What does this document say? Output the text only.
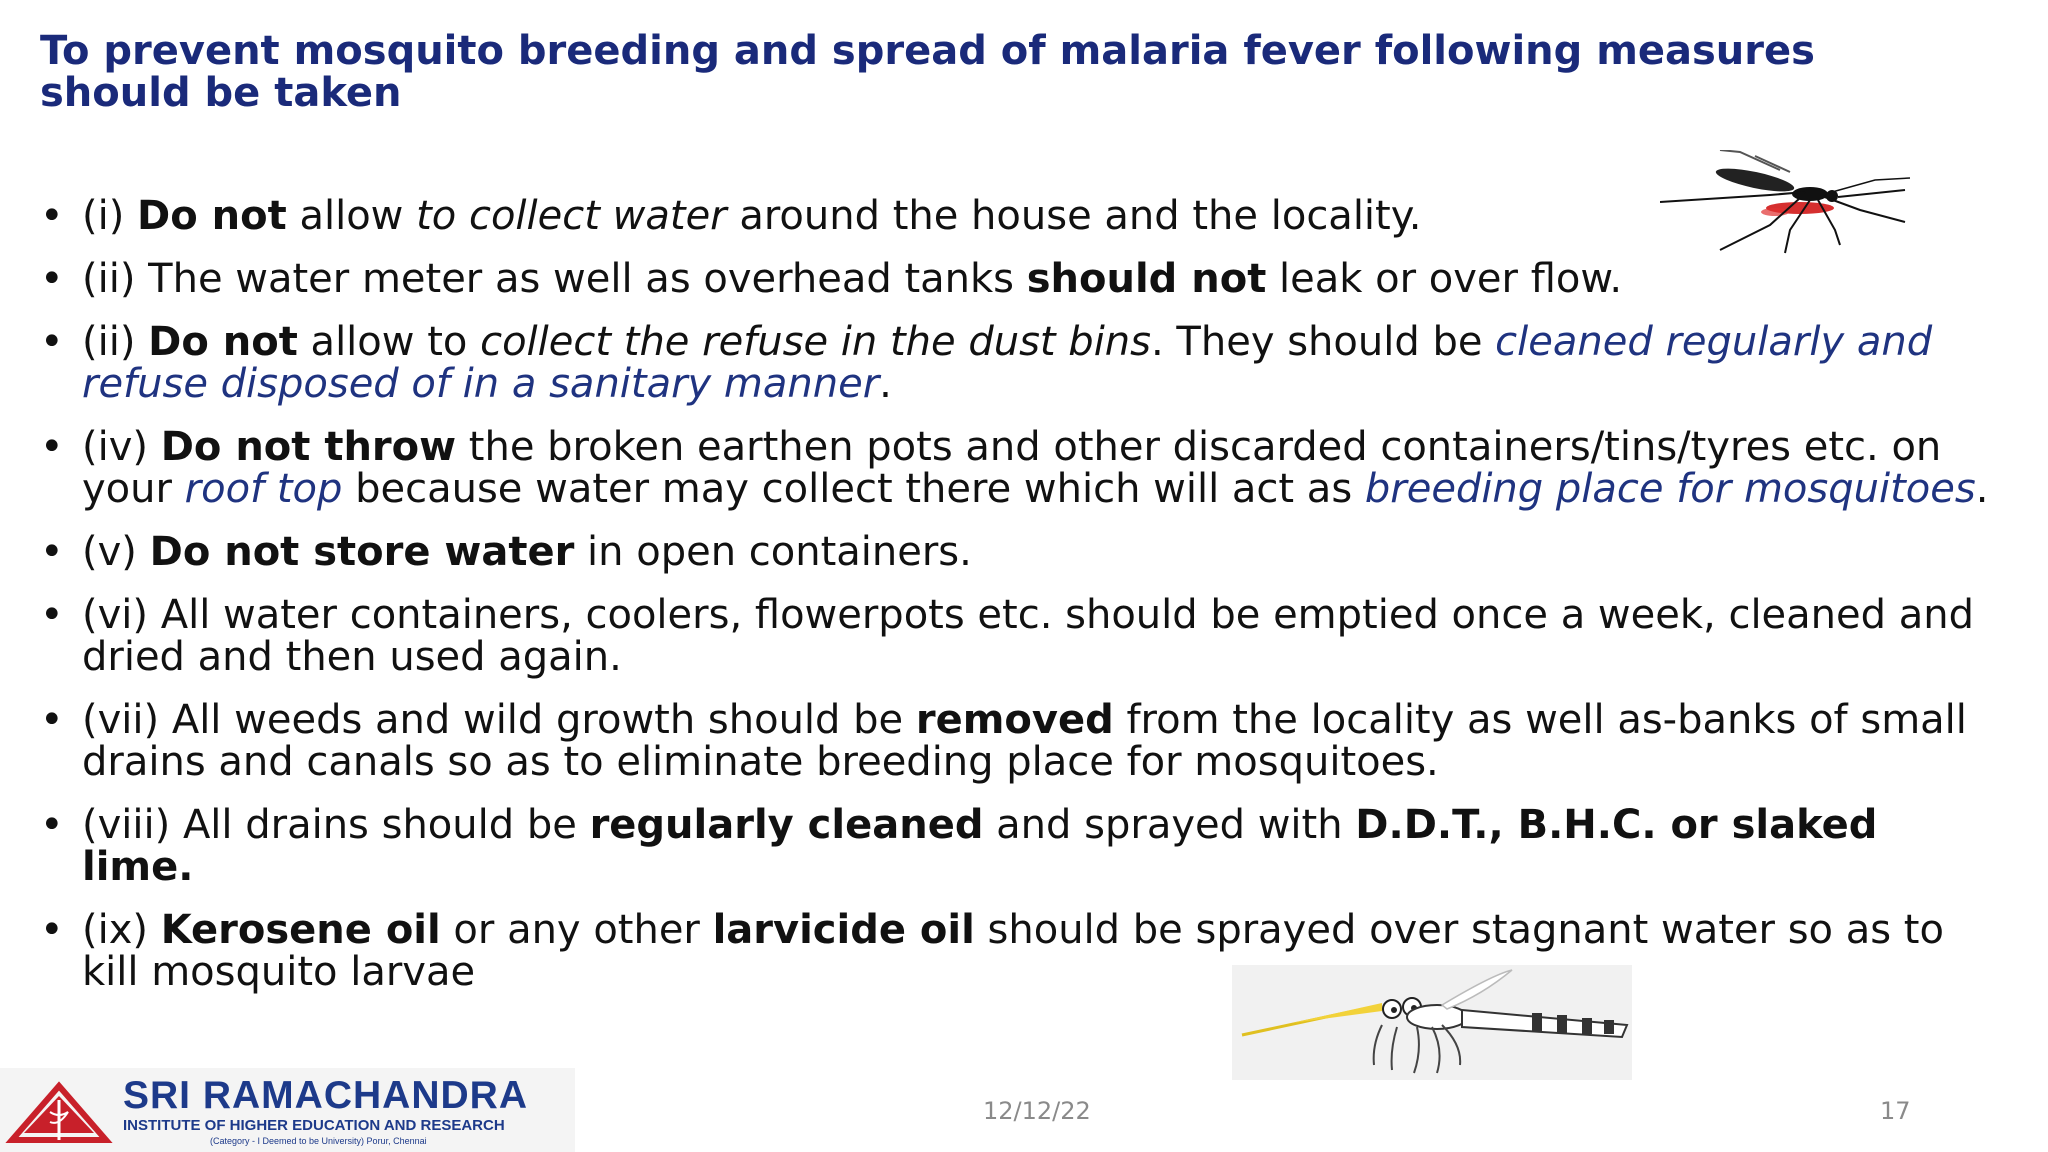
To prevent mosquito breeding and spread of malaria fever following measures should be taken
• (i) Do not allow to collect water around the house and the locality.
• (ii) The water meter as well as overhead tanks should not leak or over flow.
• (ii) Do not allow to collect the refuse in the dust bins. They should be cleaned regularly and refuse disposed of in a sanitary manner.
• (iv) Do not throw the broken earthen pots and other discarded containers/tins/tyres etc. on your roof top because water may collect there which will act as breeding place for mosquitoes.
• (v) Do not store water in open containers.
• (vi) All water containers, coolers, flowerpots etc. should be emptied once a week, cleaned and dried and then used again.
• (vii) All weeds and wild growth should be removed from the locality as well as-banks of small drains and canals so as to eliminate breeding place for mosquitoes.
• (viii) All drains should be regularly cleaned and sprayed with D.D.T., B.H.C. or slaked lime.
• (ix) Kerosene oil or any other larvicide oil should be sprayed over stagnant water so as to kill mosquito larvae
SRI RAMACHANDRA
INSTITUTE OF HIGHER EDUCATION AND RESEARCH
(Category - I Deemed to be University) Porur, Chennai
12/12/22	17
